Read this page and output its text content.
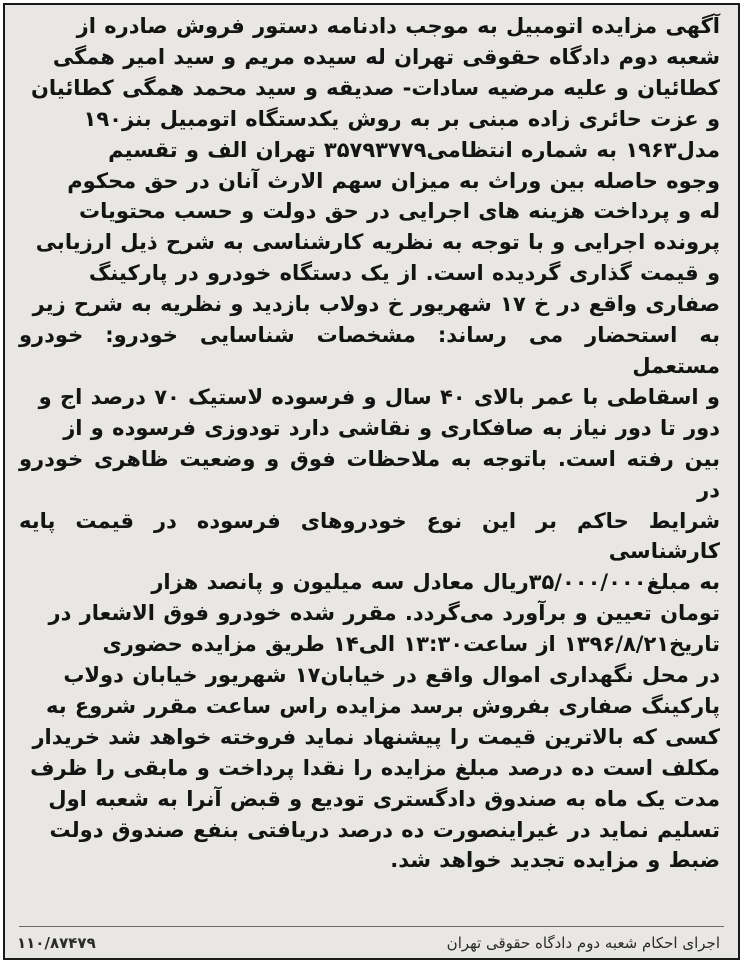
آگهی مزایده اتومبیل به موجب دادنامه دستور فروش صادره از

شعبه دوم دادگاه حقوقی تهران له سیده مریم و سید امیر همگی

کطائیان و علیه مرضیه سادات- صدیقه و سید محمد همگی کطائیان

و عزت حائری زاده مبنی بر به روش یکدستگاه اتومبیل بنز۱۹۰

مدل۱۹۶۳ به شماره انتظامی۳۵۷۹۳۷۷۹ تهران الف و تقسیم

وجوه حاصله بین وراث به میزان سهم الارث آنان در حق محکوم

له و پرداخت هزینه های اجرایی در حق دولت و حسب محتویات

پرونده اجرایی و با توجه به نظریه کارشناسی به شرح ذیل ارزیابی

و قیمت گذاری گردیده است. از یک دستگاه خودرو در پارکینگ

صفاری واقع در خ ۱۷ شهریور خ دولاب بازدید و نظریه به شرح زیر

به استحضار می رساند: مشخصات شناسایی خودرو: خودرو مستعمل

و اسقاطی با عمر بالای ۴۰ سال و فرسوده لاستیک ۷۰ درصد اج و

دور تا دور نیاز به صافکاری و نقاشی دارد تودوزی فرسوده و از

بین رفته است. باتوجه به ملاحظات فوق و وضعیت ظاهری خودرو در

شرایط حاکم بر این نوع خودروهای فرسوده در قیمت پایه کارشناسی

به مبلغ۳۵/۰۰۰/۰۰۰ریال معادل سه میلیون و پانصد هزار

تومان تعیین و برآورد می‌گردد. مقرر شده خودرو فوق الاشعار در

تاریخ۱۳۹۶/۸/۲۱ از ساعت۱۳:۳۰ الی۱۴ طریق مزایده حضوری

در محل نگهداری اموال واقع در خیابان۱۷ شهریور خیابان دولاب

پارکینگ صفاری بفروش برسد مزایده راس ساعت مقرر شروع به

کسی که بالاترین قیمت را پیشنهاد نماید فروخته خواهد شد خریدار

مکلف است ده درصد مبلغ مزایده را نقدا پرداخت و مابقی را ظرف

مدت یک ماه به صندوق دادگستری تودیع و قبض آنرا به شعبه اول

تسلیم نماید در غیراینصورت ده درصد دریافتی بنفع صندوق دولت

ضبط و مزایده تجدید خواهد شد.

اجرای احکام شعبه دوم دادگاه حقوقی تهران
۱۱۰/۸۷۴۷۹
